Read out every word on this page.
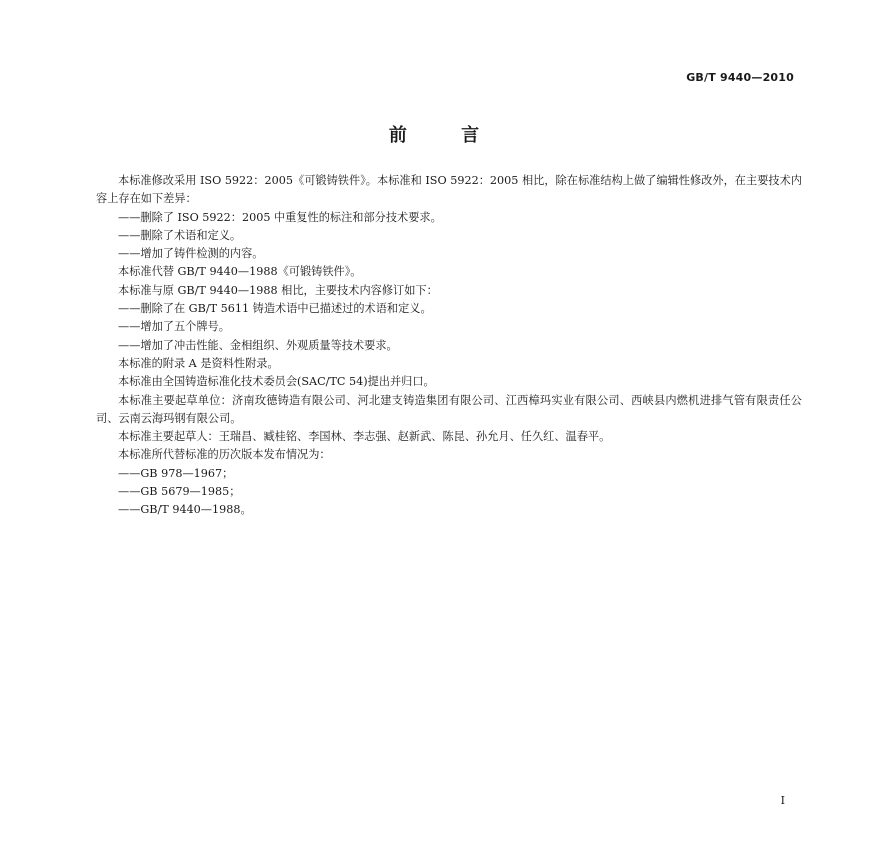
GB/T 9440—2010
前 言

本标准修改采用 ISO 5922：2005《可锻铸铁件》。本标准和 ISO 5922：2005 相比，除在标准结构上做了编辑性修改外，在主要技术内容上存在如下差异：

——删除了 ISO 5922：2005 中重复性的标注和部分技术要求。

——删除了术语和定义。

——增加了铸件检测的内容。

本标准代替 GB/T 9440—1988《可锻铸铁件》。

本标准与原 GB/T 9440—1988 相比，主要技术内容修订如下：

——删除了在 GB/T 5611 铸造术语中已描述过的术语和定义。

——增加了五个牌号。

——增加了冲击性能、金相组织、外观质量等技术要求。

本标准的附录 A 是资料性附录。

本标准由全国铸造标准化技术委员会(SAC/TC 54)提出并归口。

本标准主要起草单位：济南玫德铸造有限公司、河北建支铸造集团有限公司、江西樟玛实业有限公司、西峡县内燃机进排气管有限责任公司、云南云海玛钢有限公司。

本标准主要起草人：王瑞昌、臧桂铭、李国林、李志强、赵新武、陈昆、孙允月、任久红、温春平。

本标准所代替标准的历次版本发布情况为：

——GB 978—1967；

——GB 5679—1985；

——GB/T 9440—1988。

I
